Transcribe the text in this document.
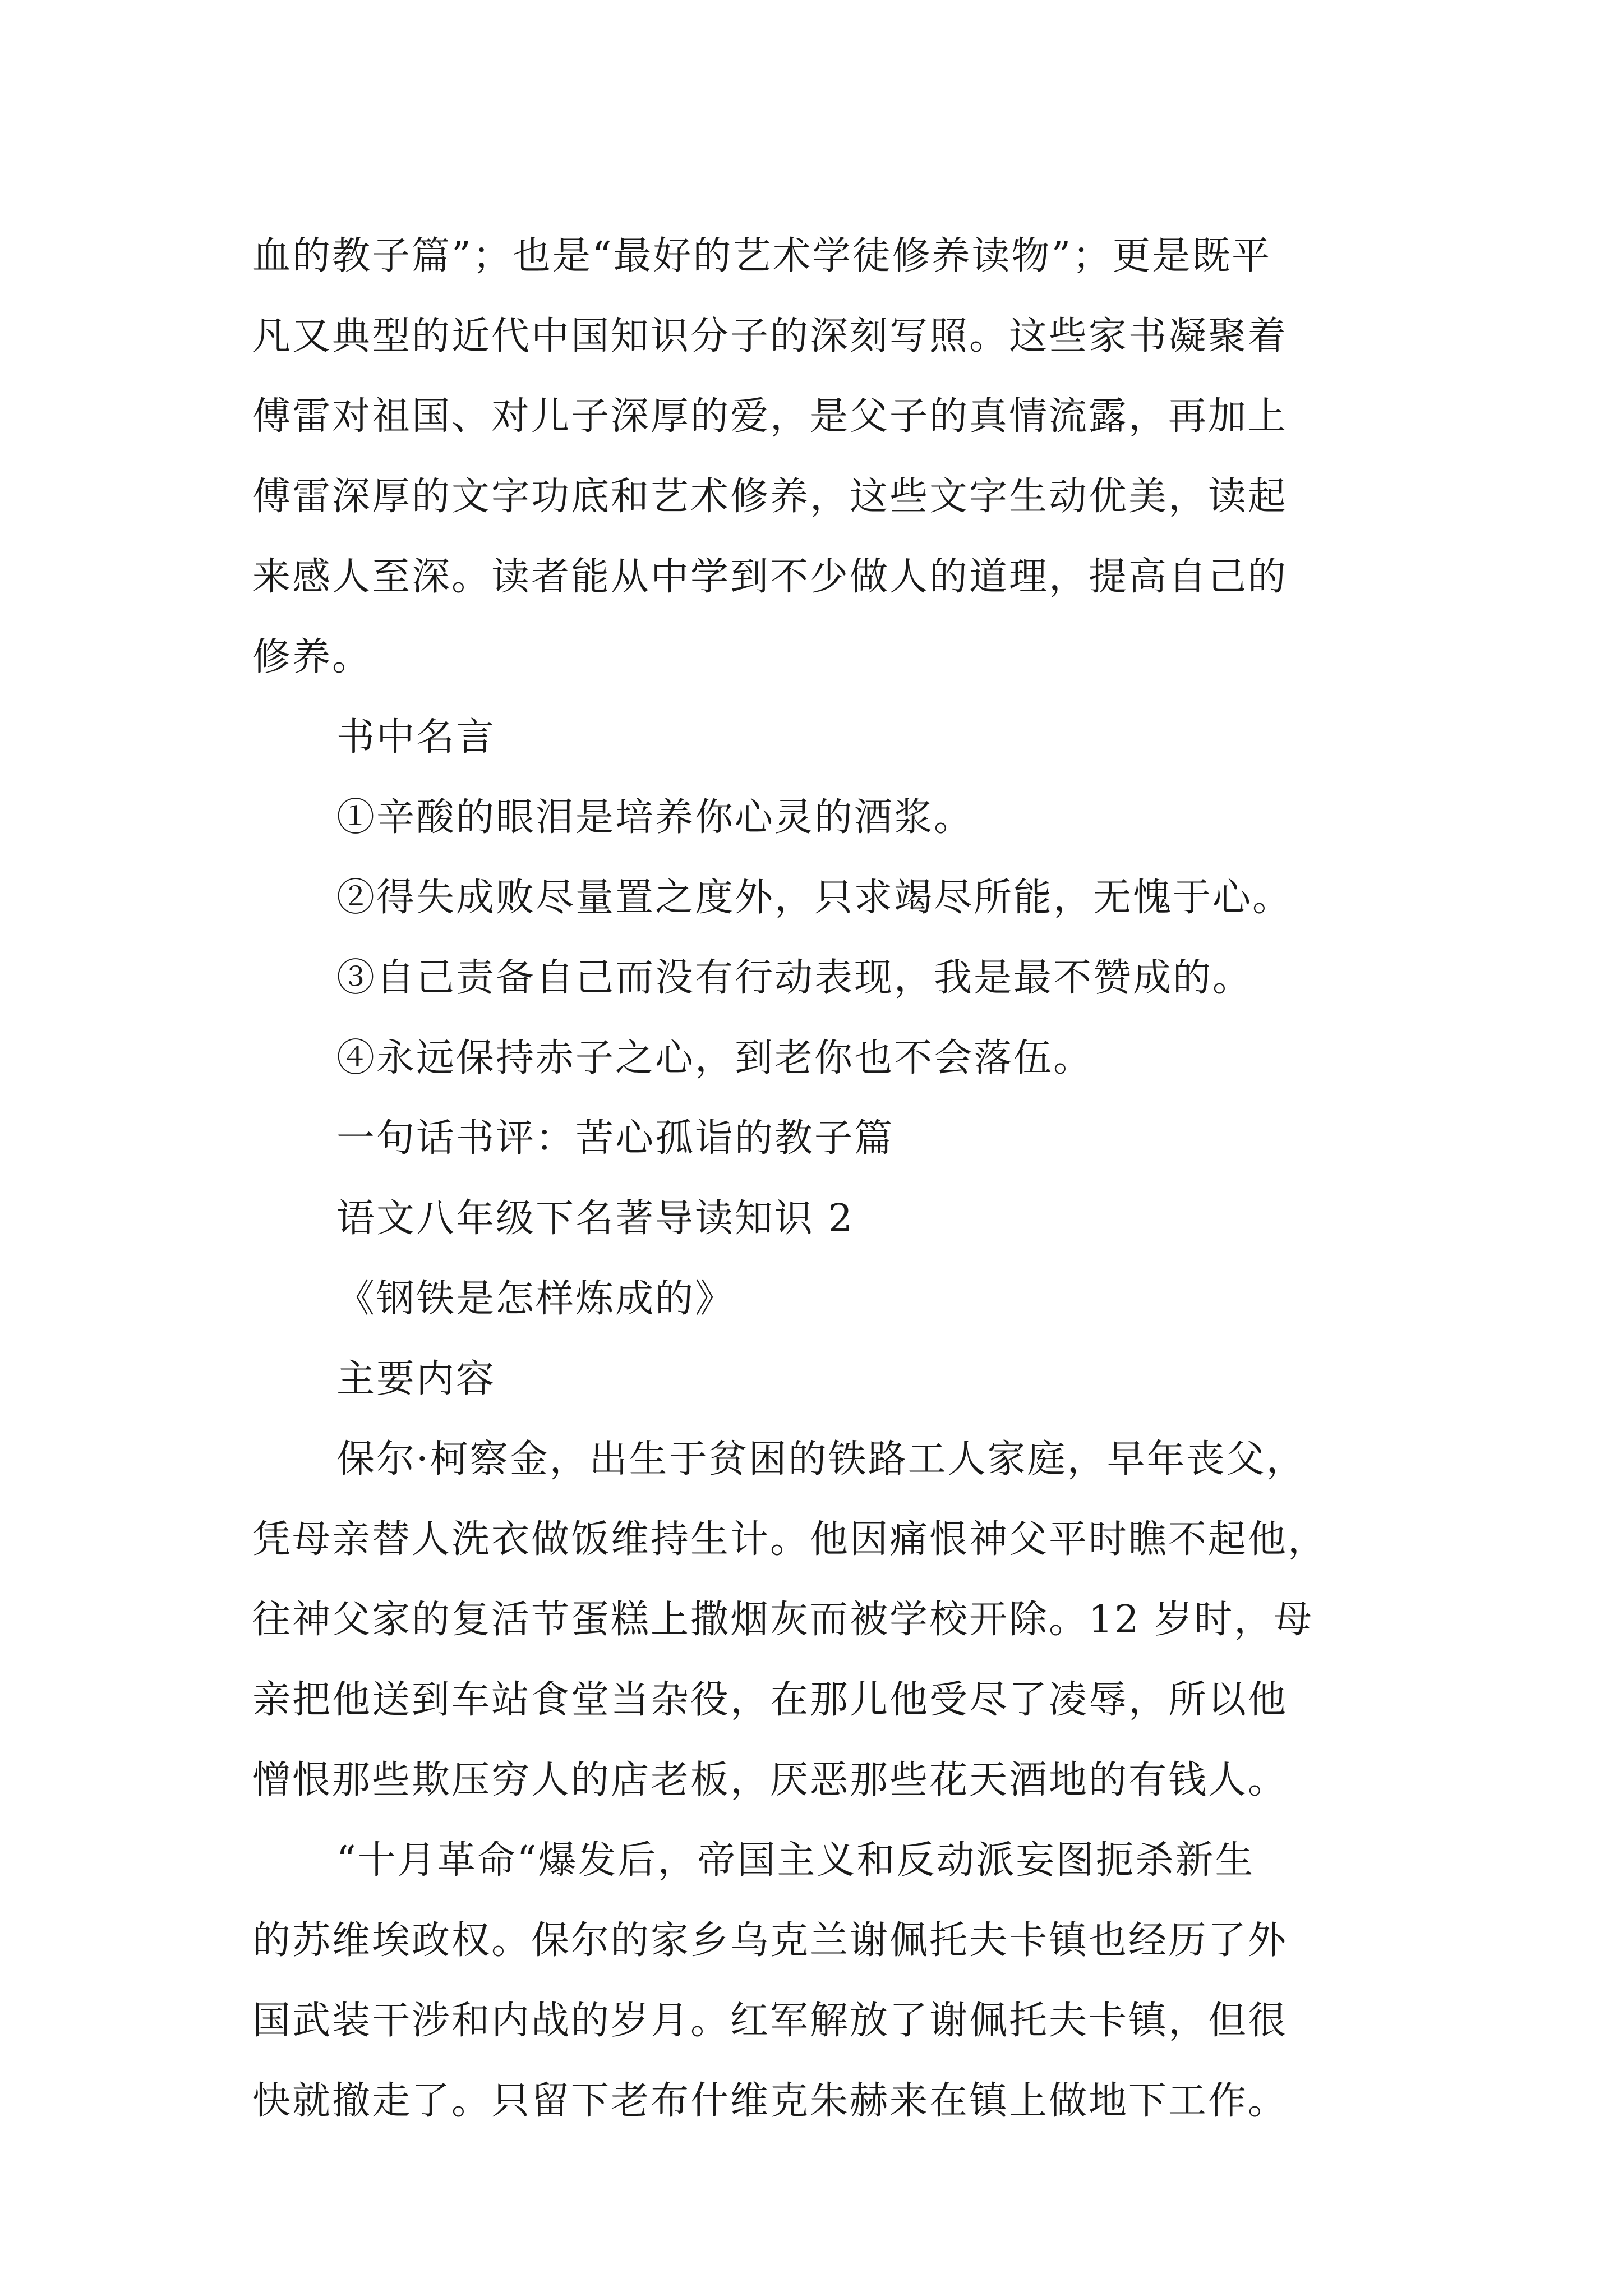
血的教子篇”；也是“最好的艺术学徒修养读物”；更是既平
凡又典型的近代中国知识分子的深刻写照。这些家书凝聚着
傅雷对祖国、对儿子深厚的爱，是父子的真情流露，再加上
傅雷深厚的文字功底和艺术修养，这些文字生动优美，读起
来感人至深。读者能从中学到不少做人的道理，提高自己的
修养。
书中名言
①辛酸的眼泪是培养你心灵的酒浆。
②得失成败尽量置之度外，只求竭尽所能，无愧于心。
③自己责备自己而没有行动表现，我是最不赞成的。
④永远保持赤子之心，到老你也不会落伍。
一句话书评：苦心孤诣的教子篇
语文八年级下名著导读知识 2
《钢铁是怎样炼成的》
主要内容
保尔·柯察金，出生于贫困的铁路工人家庭，早年丧父，
凭母亲替人洗衣做饭维持生计。他因痛恨神父平时瞧不起他，
往神父家的复活节蛋糕上撒烟灰而被学校开除。12 岁时，母
亲把他送到车站食堂当杂役，在那儿他受尽了凌辱，所以他
憎恨那些欺压穷人的店老板，厌恶那些花天酒地的有钱人。
“十月革命“爆发后，帝国主义和反动派妄图扼杀新生
的苏维埃政权。保尔的家乡乌克兰谢佩托夫卡镇也经历了外
国武装干涉和内战的岁月。红军解放了谢佩托夫卡镇，但很
快就撤走了。只留下老布什维克朱赫来在镇上做地下工作。
